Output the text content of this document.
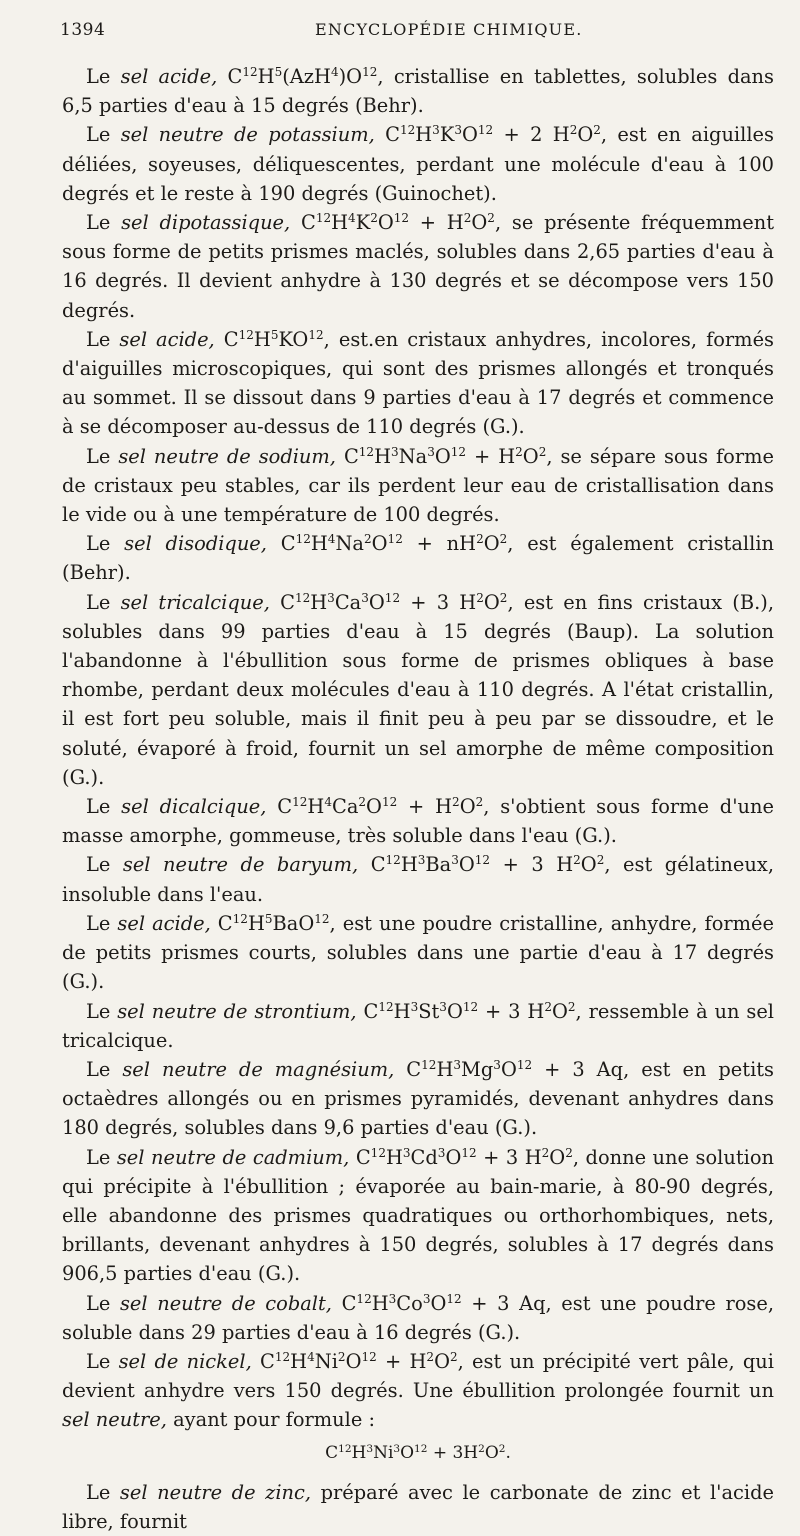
1394	ENCYCLOPÉDIE CHIMIQUE.

Le sel acide, $C^{12}H^5(AzH^4)O^{12}$, cristallise en tablettes, solubles dans 6,5 parties d'eau à 15 degrés (Behr).

Le sel neutre de potassium, $C^{12}H^3K^3O^{12} + 2$ $H^2O^2$, est en aiguilles déliées, soyeuses, déliquescentes, perdant une molécule d'eau à 100 degrés et le reste à 190 degrés (Guinochet).

Le sel dipotassique, $C^{12}H^4K^2O^{12} + H^2O^2$, se présente fréquemment sous forme de petits prismes maclés, solubles dans 2,65 parties d'eau à 16 degrés. Il devient anhydre à 130 degrés et se décompose vers 150 degrés.

Le sel acide, $C^{12}H^5KO^{12}$, est.en cristaux anhydres, incolores, formés d'aiguilles microscopiques, qui sont des prismes allongés et tronqués au sommet. Il se dissout dans 9 parties d'eau à 17 degrés et commence à se décomposer au-dessus de 110 degrés (G.).

Le sel neutre de sodium, $C^{12}H^3Na^3O^{12} + H^2O^2$, se sépare sous forme de cristaux peu stables, car ils perdent leur eau de cristallisation dans le vide ou à une température de 100 degrés.

Le sel disodique, $C^{12}H^4Na^2O^{12} + nH^2O^2$, est également cristallin (Behr).

Le sel tricalcique, $C^{12}H^3Ca^3O^{12} + 3$ $H^2O^2$, est en fins cristaux (B.), solubles dans 99 parties d'eau à 15 degrés (Baup). La solution l'abandonne à l'ébullition sous forme de prismes obliques à base rhombe, perdant deux molécules d'eau à 110 degrés. A l'état cristallin, il est fort peu soluble, mais il finit peu à peu par se dissoudre, et le soluté, évaporé à froid, fournit un sel amorphe de même composition (G.).

Le sel dicalcique, $C^{12}H^4Ca^2O^{12} + H^2O^2$, s'obtient sous forme d'une masse amorphe, gommeuse, très soluble dans l'eau (G.).

Le sel neutre de baryum, $C^{12}H^3Ba^3O^{12} + 3$ $H^2O^2$, est gélatineux, insoluble dans l'eau.

Le sel acide, $C^{12}H^5BaO^{12}$, est une poudre cristalline, anhydre, formée de petits prismes courts, solubles dans une partie d'eau à 17 degrés (G.).

Le sel neutre de strontium, $C^{12}H^3St^3O^{12} + 3$ $H^2O^2$, ressemble à un sel tricalcique.

Le sel neutre de magnésium, $C^{12}H^3Mg^3O^{12} + 3$ Aq, est en petits octaèdres allongés ou en prismes pyramidés, devenant anhydres dans 180 degrés, solubles dans 9,6 parties d'eau (G.).

Le sel neutre de cadmium, $C^{12}H^3Cd^3O^{12} + 3$ $H^2O^2$, donne une solution qui précipite à l'ébullition ; évaporée au bain-marie, à 80-90 degrés, elle abandonne des prismes quadratiques ou orthorhombiques, nets, brillants, devenant anhydres à 150 degrés, solubles à 17 degrés dans 906,5 parties d'eau (G.).

Le sel neutre de cobalt, $C^{12}H^3Co^3O^{12} + 3$ Aq, est une poudre rose, soluble dans 29 parties d'eau à 16 degrés (G.).

Le sel de nickel, $C^{12}H^4Ni^2O^{12} + H^2O^2$, est un précipité vert pâle, qui devient anhydre vers 150 degrés. Une ébullition prolongée fournit un sel neutre, ayant pour formule :

$C^{12}H^3Ni^3O^{12} + 3H^2O^2$.

Le sel neutre de zinc, préparé avec le carbonate de zinc et l'acide libre, fournit
